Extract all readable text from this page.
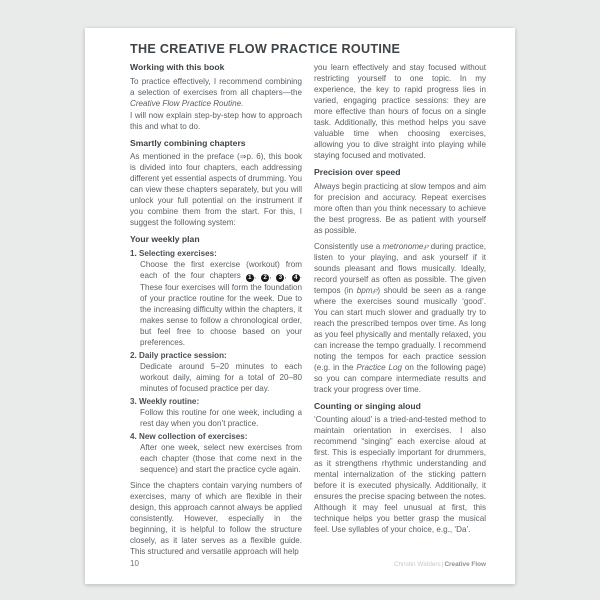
THE CREATIVE FLOW PRACTICE ROUTINE
Working with this book

To practice effectively, I recommend combining a selection of exercises from all chapters—the Creative Flow Practice Routine.

I will now explain step-by-step how to approach this and what to do.

Smartly combining chapters

As mentioned in the preface (⇒p. 6), this book is divided into four chapters, each addressing different yet essential aspects of drumming. You can view these chapters separately, but you will unlock your full potential on the instrument if you combine them from the start. For this, I suggest the following system:

Your weekly plan
1. Selecting exercises:
Choose the first exercise (workout) from each of the four chapters 1 , 2 , 3 , 4 . These four exercises will form the foundation of your practice routine for the week. Due to the increasing difficulty within the chapters, it makes sense to follow a chronological order, but feel free to choose based on your preferences.
2. Daily practice session:
Dedicate around 5–20 minutes to each workout daily, aiming for a total of 20–80 minutes of focused practice per day.
3. Weekly routine:
Follow this routine for one week, including a rest day when you don’t practice.
4. New collection of exercises:
After one week, select new exercises from each chapter (those that come next in the sequence) and start the practice cycle again.

Since the chapters contain varying numbers of exercises, many of which are flexible in their design, this approach cannot always be applied consistently. However, especially in the beginning, it is helpful to follow the structure closely, as it later serves as a flexible guide. This structured and versatile approach will help

you learn effectively and stay focused without restricting yourself to one topic. In my experience, the key to rapid progress lies in varied, engaging practice sessions: they are more effective than hours of focus on a single task. Additionally, this method helps you save valuable time when choosing exercises, allowing you to dive straight into playing while staying focused and motivated.

Precision over speed

Always begin practicing at slow tempos and aim for precision and accuracy. Repeat exercises more often than you think necessary to achieve the best progress. Be as patient with yourself as possible.

Consistently use a metronome℘ during practice, listen to your playing, and ask yourself if it sounds pleasant and flows musically. Ideally, record yourself as often as possible. The given tempos (in bpm℘) should be seen as a range where the exercises sound musically ‘good’. You can start much slower and gradually try to reach the prescribed tempos over time. As long as you feel physically and mentally relaxed, you can increase the tempo gradually. I recommend noting the tempos for each practice session (e.g. in the Practice Log on the following page) so you can compare intermediate results and track your progress over time.

Counting or singing aloud

‘Counting aloud’ is a tried-and-tested method to maintain orientation in exercises. I also recommend “singing” each exercise aloud at first. This is especially important for drummers, as it strengthens rhythmic understanding and mental internalization of the sticking pattern before it is executed physically. Additionally, it ensures the precise spacing between the notes. Although it may feel unusual at first, this technique helps you better grasp the musical feel. Use syllables of your choice, e.g., ‘Da’.

10	Christin Widders|Creative Flow
